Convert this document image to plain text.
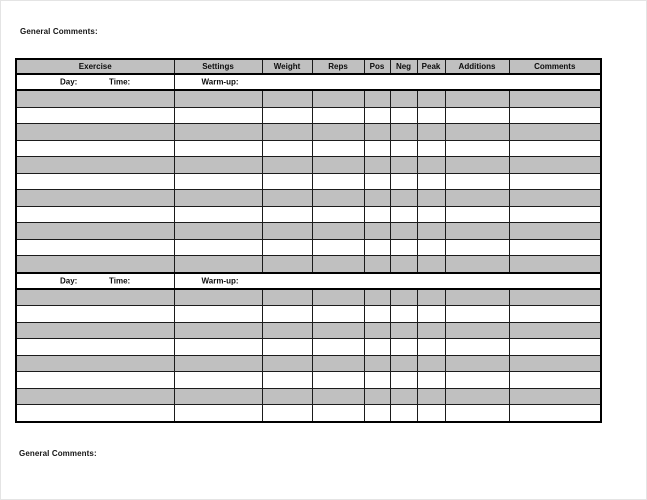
General Comments:
Exercise	Settings	Weight	Reps	Pos	Neg	Peak	Additions	Comments

Day: Time:	Warm-up:							

Day: Time:	Warm-up:							

General Comments:
